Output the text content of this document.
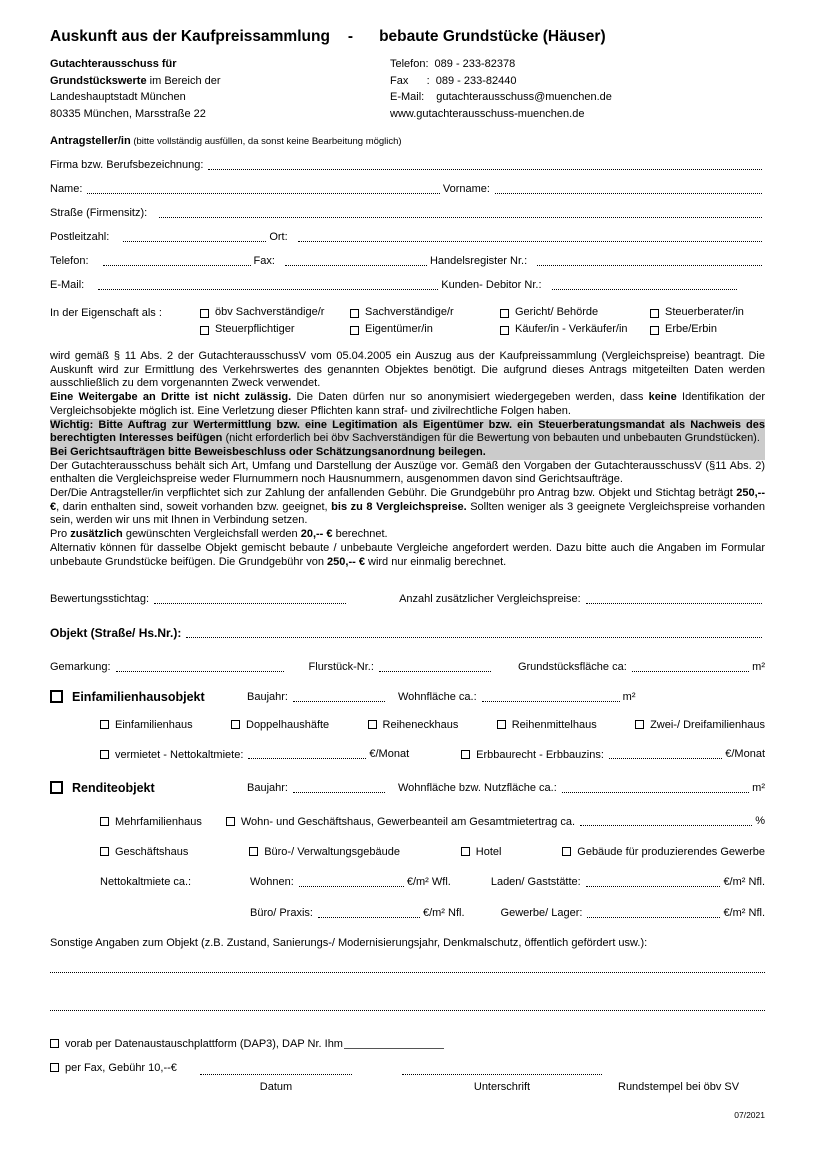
Auskunft aus der Kaufpreissammlung - bebaute Grundstücke (Häuser)
Gutachterausschuss für
Grundstückswerte im Bereich der
Landeshauptstadt München
80335 München, Marsstraße 22
Telefon: 089 - 233-82378
Fax      : 089 - 233-82440
E-Mail: gutachterausschuss@muenchen.de
www.gutachterausschuss-muenchen.de
Antragsteller/in (bitte vollständig ausfüllen, da sonst keine Bearbeitung möglich)
Firma bzw. Berufsbezeichnung:
Name:	Vorname:
Straße (Firmensitz):
Postleitzahl:	Ort:
Telefon:	Fax:	Handelsregister Nr.:
E-Mail:	Kunden- Debitor Nr.:
In der Eigenschaft als :	öbv Sachverständige/r	Sachverständige/r	Gericht/ Behörde	Steuerberater/in
Steuerpflichtiger	Eigentümer/in	Käufer/in - Verkäufer/in	Erbe/Erbin
wird gemäß § 11 Abs. 2 der GutachterausschussV vom 05.04.2005 ein Auszug aus der Kaufpreissammlung (Vergleichspreise) beantragt. Die Auskunft wird zur Ermittlung des Verkehrswertes des genannten Objektes benötigt. Die aufgrund dieses Antrags mitgeteilten Daten werden ausschließlich zu dem vorgenannten Zweck verwendet.
Eine Weitergabe an Dritte ist nicht zulässig. Die Daten dürfen nur so anonymisiert wiedergegeben werden, dass keine Identifikation der Vergleichsobjekte möglich ist. Eine Verletzung dieser Pflichten kann straf- und zivilrechtliche Folgen haben.
Wichtig: Bitte Auftrag zur Wertermittlung bzw. eine Legitimation als Eigentümer bzw. ein Steuerberatungsmandat als Nachweis des berechtigten Interesses beifügen (nicht erforderlich bei öbv Sachverständigen für die Bewertung von bebauten und unbebauten Grundstücken).
Bei Gerichtsaufträgen bitte Beweisbeschluss oder Schätzungsanordnung beilegen.
Der Gutachterausschuss behält sich Art, Umfang und Darstellung der Auszüge vor. Gemäß den Vorgaben der GutachterausschussV (§11 Abs. 2) enthalten die Vergleichspreise weder Flurnummern noch Hausnummern, ausgenommen davon sind Gerichtsaufträge.
Der/Die Antragsteller/in verpflichtet sich zur Zahlung der anfallenden Gebühr. Die Grundgebühr pro Antrag bzw. Objekt und Stichtag beträgt 250,-- €, darin enthalten sind, soweit vorhanden bzw. geeignet, bis zu 8 Vergleichspreise. Sollten weniger als 3 geeignete Vergleichspreise vorhanden sein, werden wir uns mit Ihnen in Verbindung setzen.
Pro zusätzlich gewünschten Vergleichsfall werden 20,-- € berechnet.
Alternativ können für dasselbe Objekt gemischt bebaute / unbebaute Vergleiche angefordert werden. Dazu bitte auch die Angaben im Formular unbebaute Grundstücke beifügen. Die Grundgebühr von 250,-- € wird nur einmalig berechnet.
Bewertungsstichtag:	Anzahl zusätzlicher Vergleichspreise:
Objekt (Straße/ Hs.Nr.):
Gemarkung:	Flurstück-Nr.:	Grundstücksfläche ca:	m²
Einfamilienhausobjekt	Baujahr:	Wohnfläche ca.:	m²
Einfamilienhaus	Doppelhaushäfte	Reiheneckhaus	Reihenmittelhaus	Zwei-/ Dreifamilienhaus
vermietet - Nettokaltmiete:	€/Monat	Erbbaurecht - Erbbauzins:	€/Monat
Renditeobjekt	Baujahr:	Wohnfläche bzw. Nutzfläche ca.:	m²
Mehrfamilienhaus	Wohn- und Geschäftshaus, Gewerbeanteil am Gesamtmietertrag ca.	%
Geschäftshaus	Büro-/ Verwaltungsgebäude	Hotel	Gebäude für produzierendes Gewerbe
Nettokaltmiete ca.:	Wohnen:	€/m² Wfl.	Laden/ Gaststätte:	€/m² Nfl.
Büro/ Praxis:	€/m² Nfl.	Gewerbe/ Lager:	€/m² Nfl.
Sonstige Angaben zum Objekt (z.B. Zustand, Sanierungs-/ Modernisierungsjahr, Denkmalschutz, öffentlich gefördert usw.):
vorab per Datenaustauschplattform (DAP3), DAP Nr. Ihm
per Fax, Gebühr 10,--€
Datum	Unterschrift	Rundstempel bei öbv SV
07/2021
